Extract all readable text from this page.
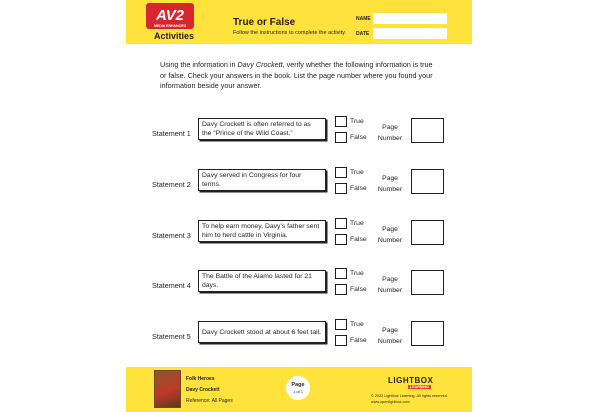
AV2
MEDIA ENHANCED
Activities
True or False
Follow the instructions to complete the activity.
NAME
DATE
Using the information in Davy Crockett, verify whether the following information is true or false. Check your answers in the book. List the page number where you found your information beside your answer.
Statement 1
Davy Crockett is often referred to as the “Prince of the Wild Coast.”
True
False
Page
Number
Statement 2
Davy served in Congress for four terms.
True
False
Page
Number
Statement 3
To help earn money, Davy’s father sent him to herd cattle in Virginia.
True
False
Page
Number
Statement 4
The Battle of the Alamo lasted for 21 days.
True
False
Page
Number
Statement 5 Davy Crockett stood at about 6 feet tall.
True
False
Page
Number
Folk Heroes
Davy Crockett
Reference: All Pages
Page
1 of 1
LIGHTBOX
LEARNING
© 2022 Lightbox Learning. All rights reserved.
www.openlightbox.com
